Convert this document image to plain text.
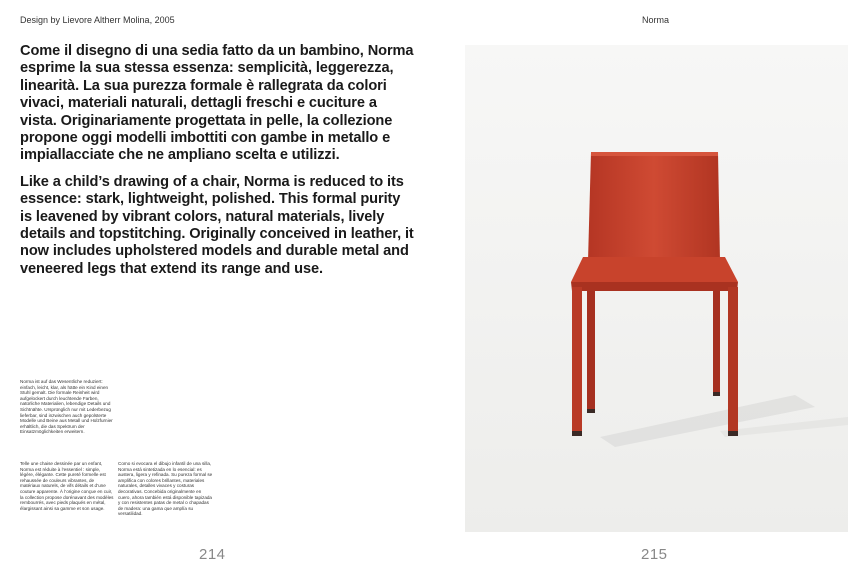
Design by Lievore Altherr Molina, 2005

Come il disegno di una sedia fatto da un bambino, Norma esprime la sua stessa essenza: semplicità, leggerezza, linearità. La sua purezza formale è rallegrata da colori vivaci, materiali naturali, dettagli freschi e cuciture a vista. Originariamente progettata in pelle, la collezione propone oggi modelli imbottiti con gambe in metallo e impiallacciate che ne ampliano scelta e utilizzi.

Like a child’s drawing of a chair, Norma is reduced to its essence: stark, lightweight, polished. This formal purity is leavened by vibrant colors, natural materials, lively details and topstitching. Originally conceived in leather, it now includes upholstered models and durable metal and veneered legs that extend its range and use.

Norma ist auf das Wesentliche reduziert: einfach, leicht, klar, als hätte ein Kind einen Stuhl gemalt. Die formale Reinheit wird aufgelockert durch leuchtende Farben, natürliche Materialien, lebendige Details und Sichtnähte. Ursprünglich nur mit Lederbezug lieferbar, sind inzwischen auch gepolsterte Modelle und Beine aus Metall und Holzfurnier erhältlich, die das Spektrum der Einsatzmöglichkeiten erweitern.
Telle une chaise dessinée par un enfant, Norma est réduite à l’essentiel : simple, légère, élégante. Cette pureté formelle est rehaussée de couleurs vibrantes, de matériaux naturels, de vifs détails et d’une couture apparente. À l’origine conçue en cuir, la collection propose dorénavant des modèles rembourrés, avec pieds plaqués en métal, élargissant ainsi sa gamme et son usage.
Como si evocara el dibujo infantil de una silla, Norma está sintetizada en lo esencial: es austera, ligera y refinada. Su pureza formal se amplifica con colores brillantes, materiales naturales, detalles vivaces y costuras decorativas. Concebida originalmente en cuero, ahora también está disponible tapizada y con resistentes patas de metal o chapadas de madera: una gama que amplía su versatilidad.
214
Norma
215
